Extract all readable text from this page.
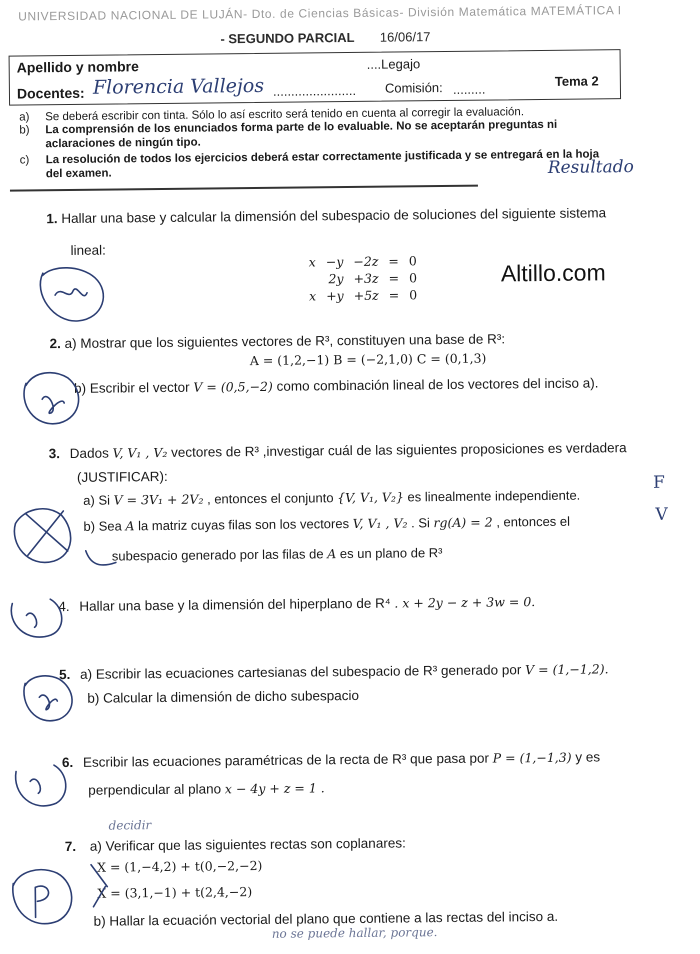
UNIVERSIDAD NACIONAL DE LUJÁN- Dto. de Ciencias Básicas- División Matemática MATEMÁTICA I
- SEGUNDO PARCIAL 16/06/17
Apellido y nombre	....Legajo
Docentes: Florencia Vallejos ....................... Comisión: .........
Tema 2
a) Se deberá escribir con tinta. Sólo lo así escrito será tenido en cuenta al corregir la evaluación.
b) La comprensión de los enunciados forma parte de lo evaluable. No se aceptarán preguntas ni
aclaraciones de ningún tipo.
c) La resolución de todos los ejercicios deberá estar correctamente justificada y se entregará en la hoja
del examen.	Resultado
1. Hallar una base y calcular la dimensión del subespacio de soluciones del siguiente sistema
lineal:
x	−y	−2z	=	0
	2y	+3z	=	0
x	+y	+5z	=	0
Altillo.com
2. a) Mostrar que los siguientes vectores de R³, constituyen una base de R³:
A = (1,2,−1) B = (−2,1,0) C = (0,1,3)
b) Escribir el vector V = (0,5,−2) como combinación lineal de los vectores del inciso a).
3. Dados V, V₁ , V₂ vectores de R³ ,investigar cuál de las siguientes proposiciones es verdadera
(JUSTIFICAR):
a) Si V = 3V₁ + 2V₂ , entonces el conjunto {V, V₁, V₂} es linealmente independiente.
F
b) Sea A la matriz cuyas filas son los vectores V, V₁ , V₂ . Si rg(A) = 2 , entonces el	V
subespacio generado por las filas de A es un plano de R³
4. Hallar una base y la dimensión del hiperplano de R⁴ . x + 2y − z + 3w = 0.
5. a) Escribir las ecuaciones cartesianas del subespacio de R³ generado por V = (1,−1,2).
b) Calcular la dimensión de dicho subespacio
6. Escribir las ecuaciones paramétricas de la recta de R³ que pasa por P = (1,−1,3) y es
perpendicular al plano x − 4y + z = 1 .
decidir
7. a) Verificar que las siguientes rectas son coplanares:
X = (1,−4,2) + t(0,−2,−2)
X = (3,1,−1) + t(2,4,−2)
b) Hallar la ecuación vectorial del plano que contiene a las rectas del inciso a.
no se puede hallar, porque.
